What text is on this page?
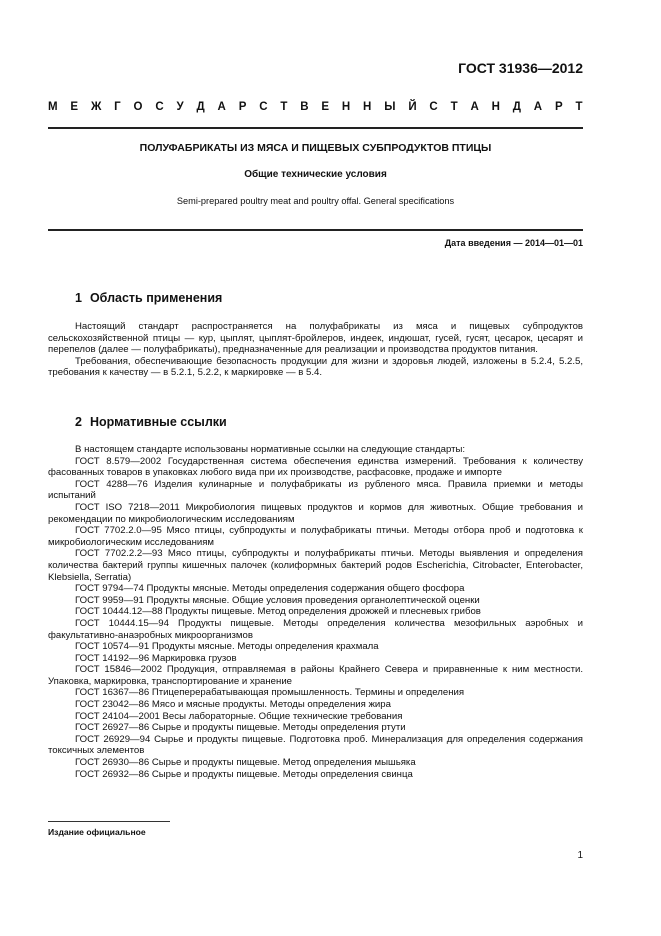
ГОСТ 31936—2012
М Е Ж Г О С У Д А Р С Т В Е Н Н Ы Й С Т А Н Д А Р Т
ПОЛУФАБРИКАТЫ ИЗ МЯСА И ПИЩЕВЫХ СУБПРОДУКТОВ ПТИЦЫ
Общие технические условия
Semi-prepared poultry meat and poultry offal. General specifications
Дата введения — 2014—01—01
1 Область применения

Настоящий стандарт распространяется на полуфабрикаты из мяса и пищевых субпродуктов сельскохозяйственной птицы — кур, цыплят, цыплят-бройлеров, индеек, индюшат, гусей, гусят, цесарок, цесарят и перепелов (далее — полуфабрикаты), предназначенные для реализации и производства продуктов питания.

Требования, обеспечивающие безопасность продукции для жизни и здоровья людей, изложены в 5.2.4, 5.2.5, требования к качеству — в 5.2.1, 5.2.2, к маркировке — в 5.4.

2 Нормативные ссылки

В настоящем стандарте использованы нормативные ссылки на следующие стандарты:

ГОСТ 8.579—2002 Государственная система обеспечения единства измерений. Требования к количеству фасованных товаров в упаковках любого вида при их производстве, расфасовке, продаже и импорте

ГОСТ 4288—76 Изделия кулинарные и полуфабрикаты из рубленого мяса. Правила приемки и методы испытаний

ГОСТ ISO 7218—2011 Микробиология пищевых продуктов и кормов для животных. Общие требования и рекомендации по микробиологическим исследованиям

ГОСТ 7702.2.0—95 Мясо птицы, субпродукты и полуфабрикаты птичьи. Методы отбора проб и подготовка к микробиологическим исследованиям

ГОСТ 7702.2.2—93 Мясо птицы, субпродукты и полуфабрикаты птичьи. Методы выявления и определения количества бактерий группы кишечных палочек (колиформных бактерий родов Escherichia, Citrobacter, Enterobacter, Klebsiella, Serratia)

ГОСТ 9794—74 Продукты мясные. Методы определения содержания общего фосфора

ГОСТ 9959—91 Продукты мясные. Общие условия проведения органолептической оценки

ГОСТ 10444.12—88 Продукты пищевые. Метод определения дрожжей и плесневых грибов

ГОСТ 10444.15—94 Продукты пищевые. Методы определения количества мезофильных аэробных и факультативно-анаэробных микроорганизмов

ГОСТ 10574—91 Продукты мясные. Методы определения крахмала

ГОСТ 14192—96 Маркировка грузов

ГОСТ 15846—2002 Продукция, отправляемая в районы Крайнего Севера и приравненные к ним местности. Упаковка, маркировка, транспортирование и хранение

ГОСТ 16367—86 Птицеперерабатывающая промышленность. Термины и определения

ГОСТ 23042—86 Мясо и мясные продукты. Методы определения жира

ГОСТ 24104—2001 Весы лабораторные. Общие технические требования

ГОСТ 26927—86 Сырье и продукты пищевые. Методы определения ртути

ГОСТ 26929—94 Сырье и продукты пищевые. Подготовка проб. Минерализация для определения содержания токсичных элементов

ГОСТ 26930—86 Сырье и продукты пищевые. Метод определения мышьяка

ГОСТ 26932—86 Сырье и продукты пищевые. Методы определения свинца

Издание официальное
1
